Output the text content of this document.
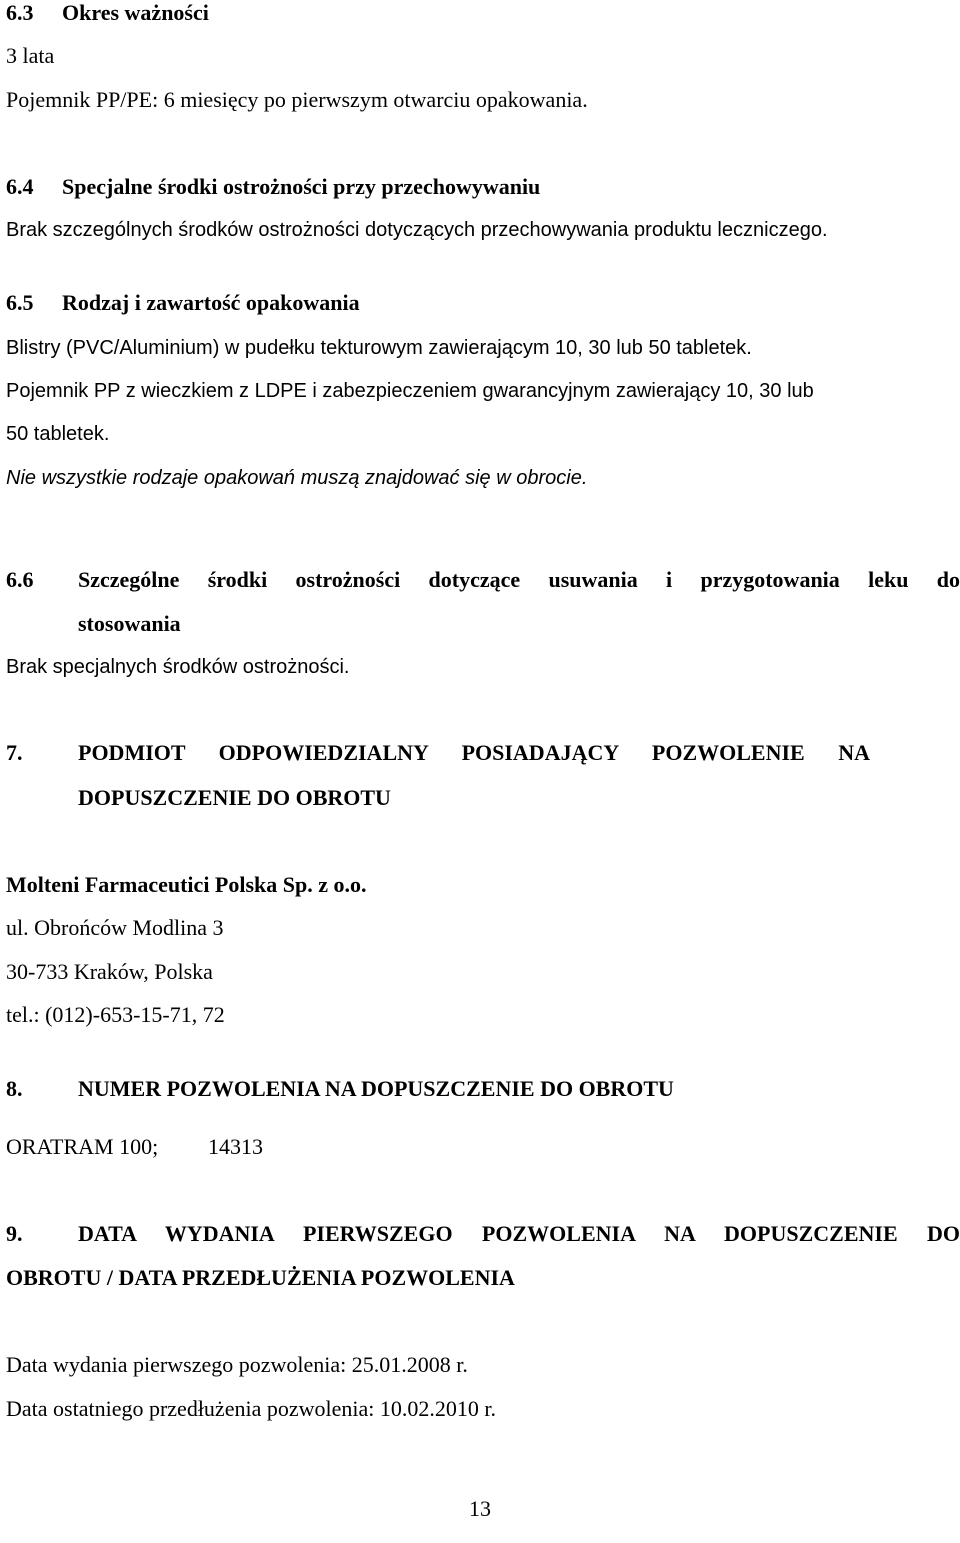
6.3 Okres ważności
3 lata
Pojemnik PP/PE: 6 miesięcy po pierwszym otwarciu opakowania.
6.4 Specjalne środki ostrożności przy przechowywaniu
Brak szczególnych środków ostrożności dotyczących przechowywania produktu leczniczego.
6.5 Rodzaj i zawartość opakowania
Blistry (PVC/Aluminium) w pudełku tekturowym zawierającym 10, 30 lub 50 tabletek.
Pojemnik PP z wieczkiem z LDPE i zabezpieczeniem gwarancyjnym zawierający 10, 30 lub
50 tabletek.
Nie wszystkie rodzaje opakowań muszą znajdować się w obrocie.
6.6 Szczególne środki ostrożności dotyczące usuwania i przygotowania leku do
stosowania
Brak specjalnych środków ostrożności.
7.	PODMIOT ODPOWIEDZIALNY POSIADAJĄCY POZWOLENIE NA
DOPUSZCZENIE DO OBROTU
Molteni Farmaceutici Polska Sp. z o.o.
ul. Obrońców Modlina 3
30-733 Kraków, Polska
tel.: (012)-653-15-71, 72
8.	NUMER POZWOLENIA NA DOPUSZCZENIE DO OBROTU
ORATRAM 100; 14313
9.	DATA WYDANIA PIERWSZEGO POZWOLENIA NA DOPUSZCZENIE DO
OBROTU / DATA PRZEDŁUŻENIA POZWOLENIA
Data wydania pierwszego pozwolenia: 25.01.2008 r.
Data ostatniego przedłużenia pozwolenia: 10.02.2010 r.
13
